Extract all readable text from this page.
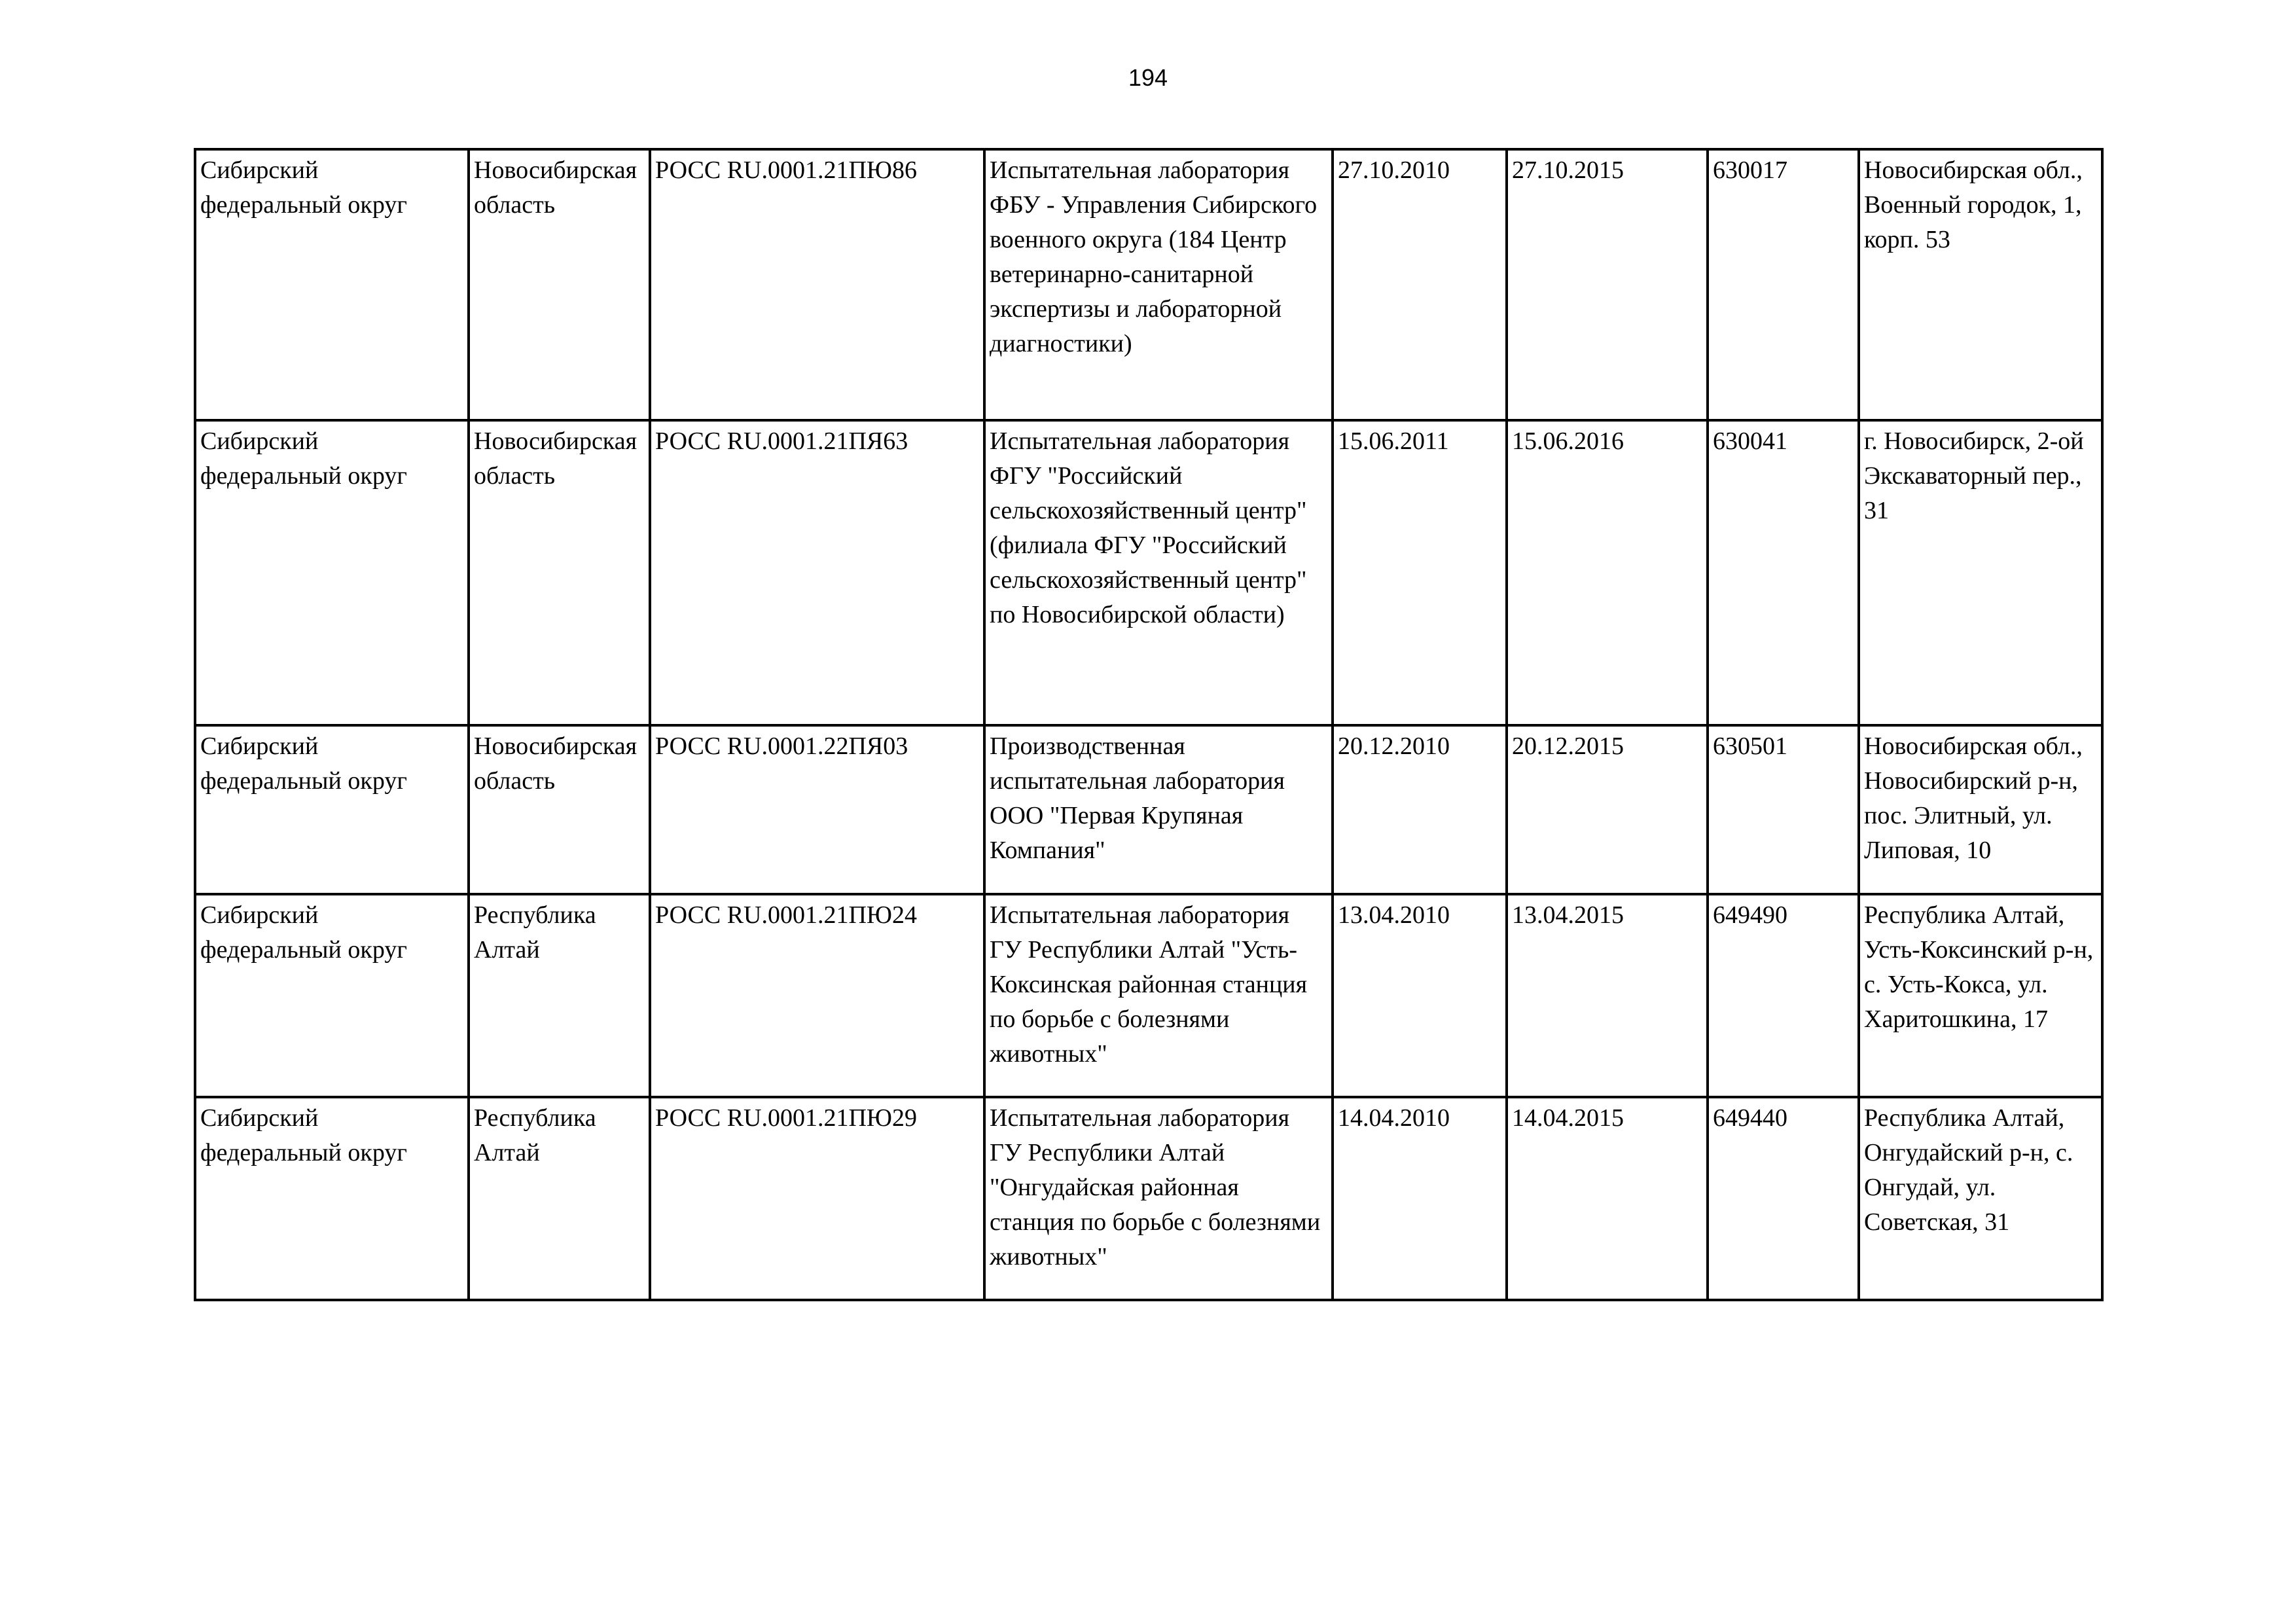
194
Сибирский федеральный округ	Новосибирская область	РОСС RU.0001.21ПЮ86	Испытательная лаборатория ФБУ - Управления Сибирского военного округа (184 Центр ветеринарно-санитарной экспертизы и лабораторной диагностики)	27.10.2010	27.10.2015	630017	Новосибирская обл., Военный городок, 1, корп. 53
Сибирский федеральный округ	Новосибирская область	РОСС RU.0001.21ПЯ63	Испытательная лаборатория ФГУ "Российский сельскохозяйственный центр" (филиала ФГУ "Российский сельскохозяйственный центр" по Новосибирской области)	15.06.2011	15.06.2016	630041	г. Новосибирск, 2-ой Экскаваторный пер., 31
Сибирский федеральный округ	Новосибирская область	РОСС RU.0001.22ПЯ03	Производственная испытательная лаборатория ООО "Первая Крупяная Компания"	20.12.2010	20.12.2015	630501	Новосибирская обл., Новосибирский р-н, пос. Элитный, ул. Липовая, 10
Сибирский федеральный округ	Республика Алтай	РОСС RU.0001.21ПЮ24	Испытательная лаборатория ГУ Республики Алтай "Усть-Коксинская районная станция по борьбе с болезнями животных"	13.04.2010	13.04.2015	649490	Республика Алтай, Усть-Коксинский р-н, с. Усть-Кокса, ул. Харитошкина, 17
Сибирский федеральный округ	Республика Алтай	РОСС RU.0001.21ПЮ29	Испытательная лаборатория ГУ Республики Алтай "Онгудайская районная станция по борьбе с болезнями животных"	14.04.2010	14.04.2015	649440	Республика Алтай, Онгудайский р-н, с. Онгудай, ул. Советская, 31
